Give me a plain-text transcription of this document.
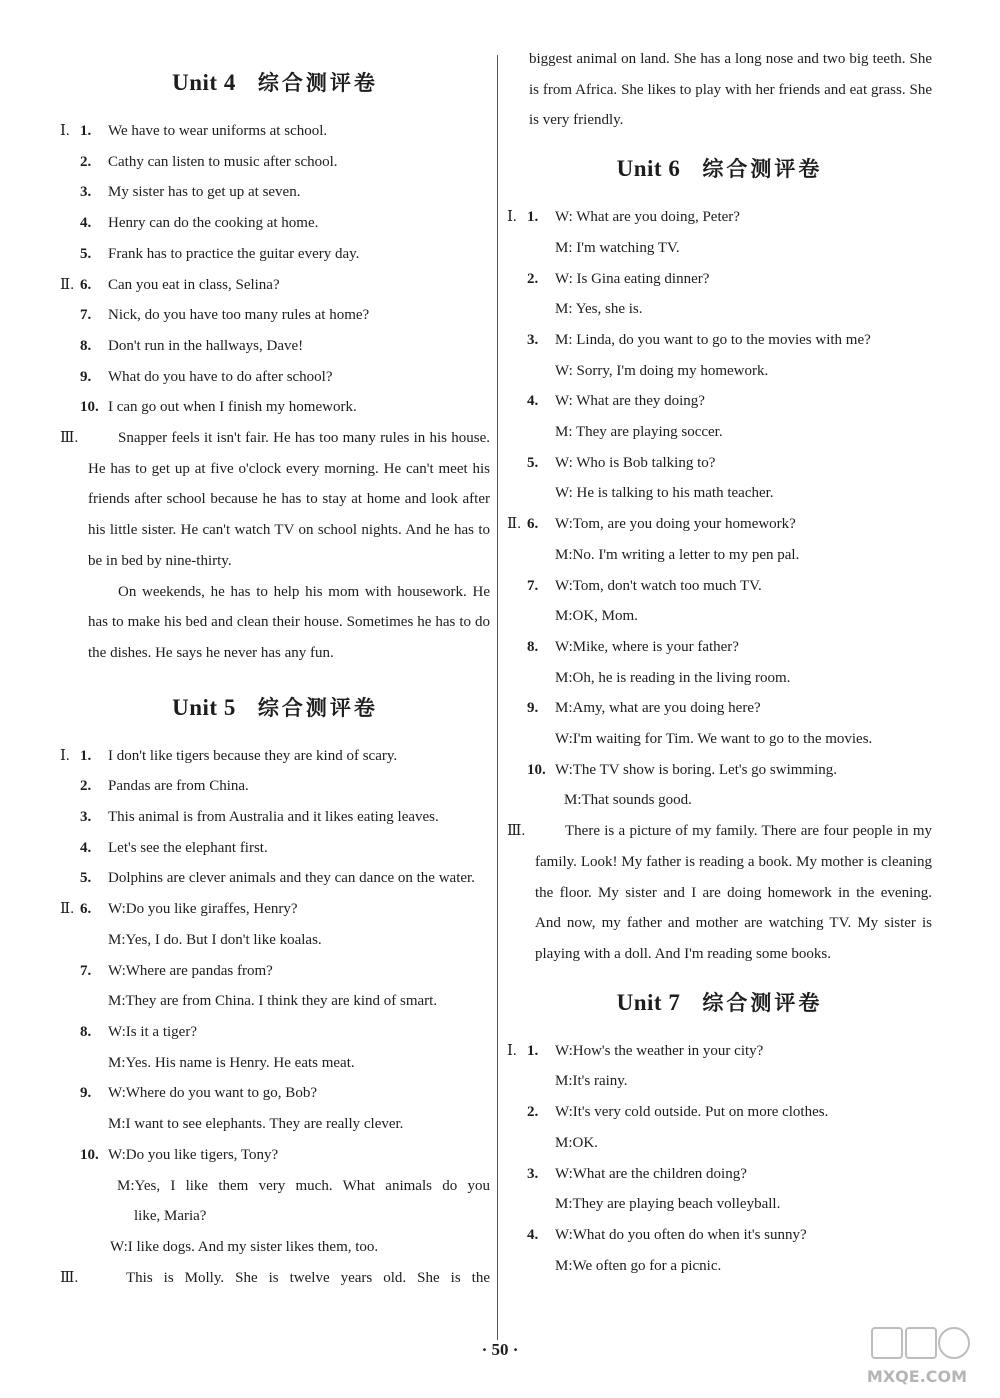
Unit 4 综合测评卷
Ⅰ. 1.	We have to wear uniforms at school.
2.	Cathy can listen to music after school.
3.	My sister has to get up at seven.
4.	Henry can do the cooking at home.
5.	Frank has to practice the guitar every day.
Ⅱ. 6.	Can you eat in class, Selina?
7.	Nick, do you have too many rules at home?
8.	Don't run in the hallways, Dave!
9.	What do you have to do after school?
10. I can go out when I finish my homework.
Ⅲ.	Snapper feels it isn't fair. He has too many rules in his house. He has to get up at five o'clock every morning. He can't meet his friends after school because he has to stay at home and look after his little sister. He can't watch TV on school nights. And he has to be in bed by nine-thirty.
On weekends, he has to help his mom with housework. He has to make his bed and clean their house. Sometimes he has to do the dishes. He says he never has any fun.
Unit 5 综合测评卷
Ⅰ. 1.	I don't like tigers because they are kind of scary.
2.	Pandas are from China.
3.	This animal is from Australia and it likes eating leaves.
4.	Let's see the elephant first.
5.	Dolphins are clever animals and they can dance on the water.
Ⅱ. 6.	W:Do you like giraffes, Henry?
M:Yes, I do. But I don't like koalas.
7.	W:Where are pandas from?
M:They are from China. I think they are kind of smart.
8.	W:Is it a tiger?
M:Yes. His name is Henry. He eats meat.
9.	W:Where do you want to go, Bob?
M:I want to see elephants. They are really clever.
10. W:Do you like tigers, Tony?
M:Yes, I like them very much. What animals do you
like, Maria?
W:I like dogs. And my sister likes them, too.
Ⅲ.	This is Molly. She is twelve years old. She is the
biggest animal on land. She has a long nose and two big teeth. She is from Africa. She likes to play with her friends and eat grass. She is very friendly.
Unit 6 综合测评卷
Ⅰ. 1.	W: What are you doing, Peter?
M: I'm watching TV.
2.	W: Is Gina eating dinner?
M: Yes, she is.
3.	M: Linda, do you want to go to the movies with me?
W: Sorry, I'm doing my homework.
4.	W: What are they doing?
M: They are playing soccer.
5.	W: Who is Bob talking to?
W: He is talking to his math teacher.
Ⅱ. 6.	W:Tom, are you doing your homework?
M:No. I'm writing a letter to my pen pal.
7.	W:Tom, don't watch too much TV.
M:OK, Mom.
8.	W:Mike, where is your father?
M:Oh, he is reading in the living room.
9.	M:Amy, what are you doing here?
W:I'm waiting for Tim. We want to go to the movies.
10. W:The TV show is boring. Let's go swimming.
M:That sounds good.
Ⅲ.	There is a picture of my family. There are four people in my family. Look! My father is reading a book. My mother is cleaning the floor. My sister and I are doing homework in the evening. And now, my father and mother are watching TV. My sister is playing with a doll. And I'm reading some books.
Unit 7 综合测评卷
Ⅰ. 1.	W:How's the weather in your city?
M:It's rainy.
2.	W:It's very cold outside. Put on more clothes.
M:OK.
3.	W:What are the children doing?
M:They are playing beach volleyball.
4.	W:What do you often do when it's sunny?
M:We often go for a picnic.
· 50 ·
MXQE.COM
